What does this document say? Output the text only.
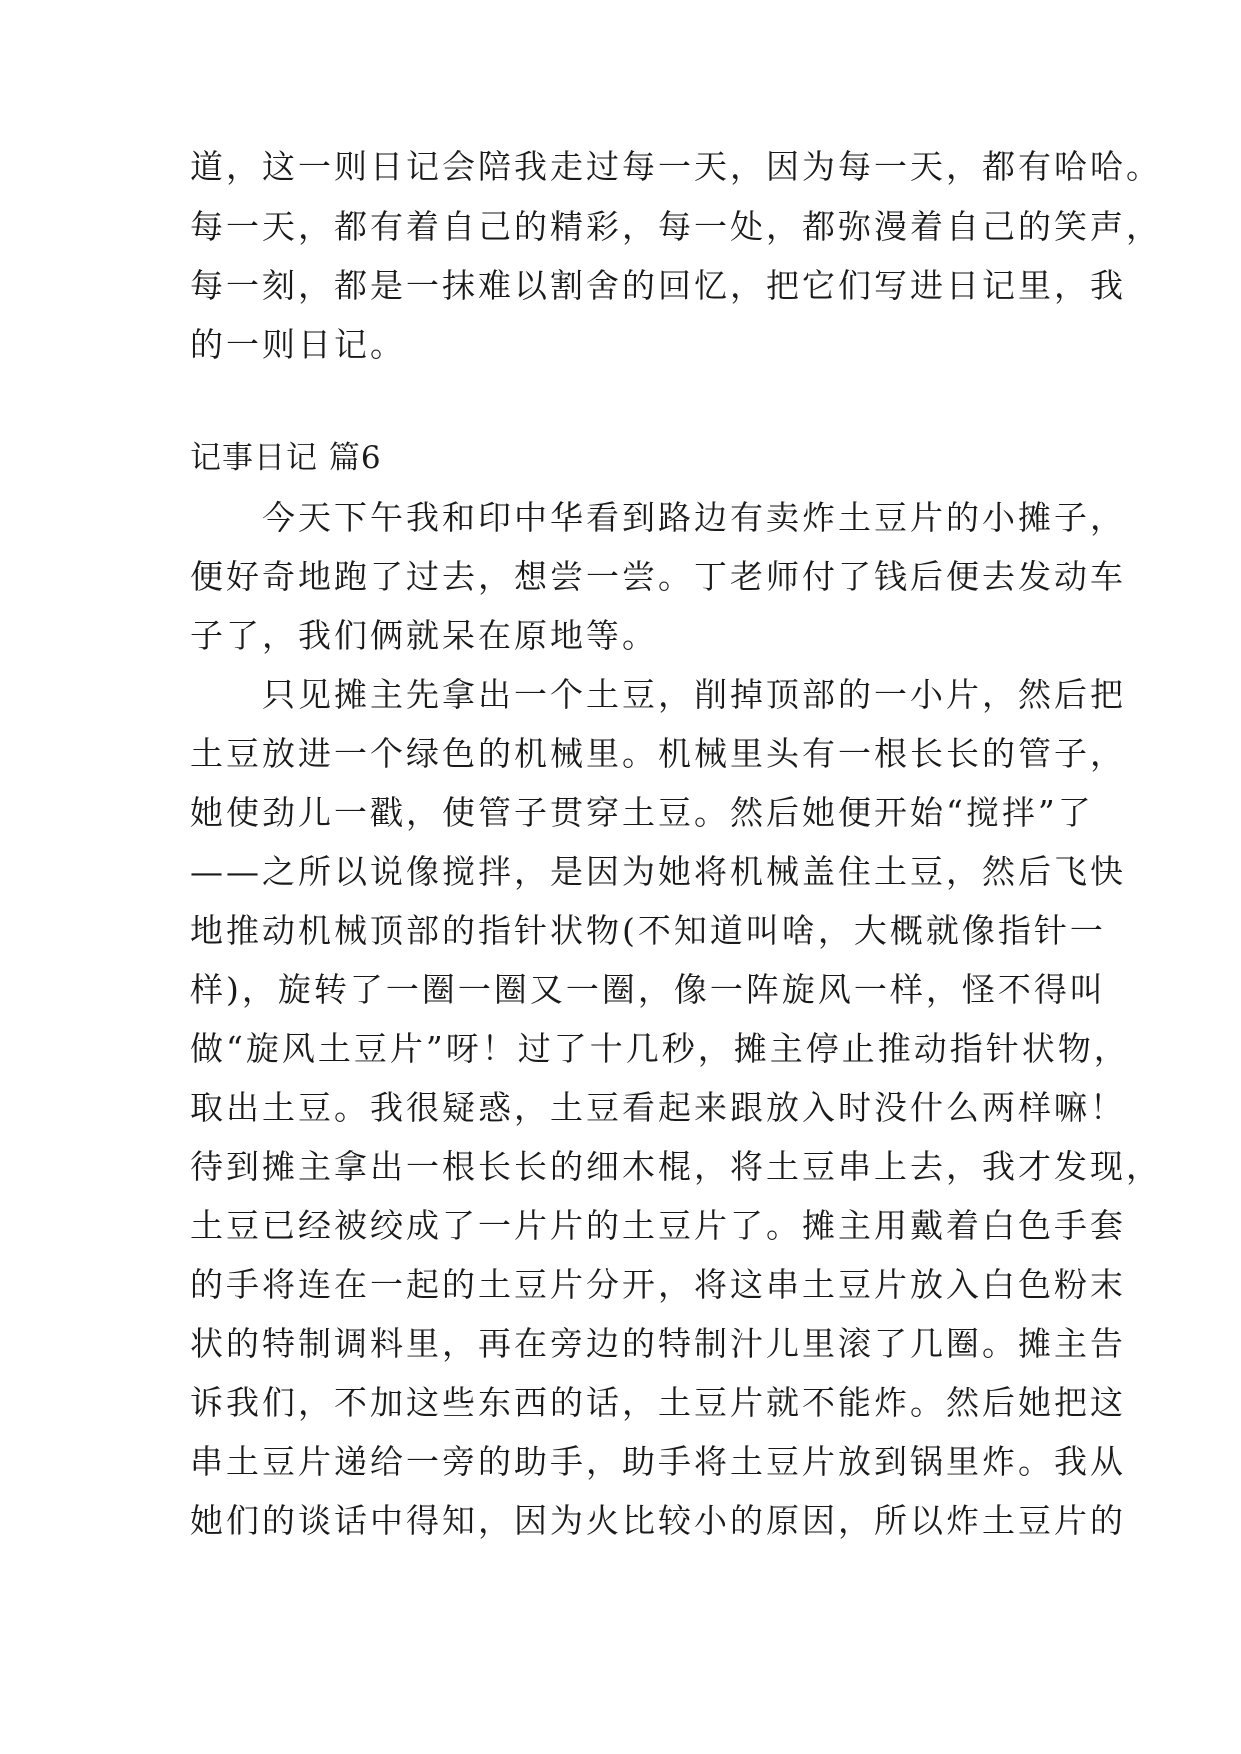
道，这一则日记会陪我走过每一天，因为每一天，都有哈哈。
每一天，都有着自己的精彩，每一处，都弥漫着自己的笑声，
每一刻，都是一抹难以割舍的回忆，把它们写进日记里，我
的一则日记。
记事日记 篇6
　　今天下午我和印中华看到路边有卖炸土豆片的小摊子，
便好奇地跑了过去，想尝一尝。丁老师付了钱后便去发动车
子了，我们俩就呆在原地等。
　　只见摊主先拿出一个土豆，削掉顶部的一小片，然后把
土豆放进一个绿色的机械里。机械里头有一根长长的管子，
她使劲儿一戳，使管子贯穿土豆。然后她便开始“搅拌”了
——之所以说像搅拌，是因为她将机械盖住土豆，然后飞快
地推动机械顶部的指针状物(不知道叫啥，大概就像指针一
样)，旋转了一圈一圈又一圈，像一阵旋风一样，怪不得叫
做“旋风土豆片”呀！过了十几秒，摊主停止推动指针状物，
取出土豆。我很疑惑，土豆看起来跟放入时没什么两样嘛！
待到摊主拿出一根长长的细木棍，将土豆串上去，我才发现，
土豆已经被绞成了一片片的土豆片了。摊主用戴着白色手套
的手将连在一起的土豆片分开，将这串土豆片放入白色粉末
状的特制调料里，再在旁边的特制汁儿里滚了几圈。摊主告
诉我们，不加这些东西的话，土豆片就不能炸。然后她把这
串土豆片递给一旁的助手，助手将土豆片放到锅里炸。我从
她们的谈话中得知，因为火比较小的原因，所以炸土豆片的
